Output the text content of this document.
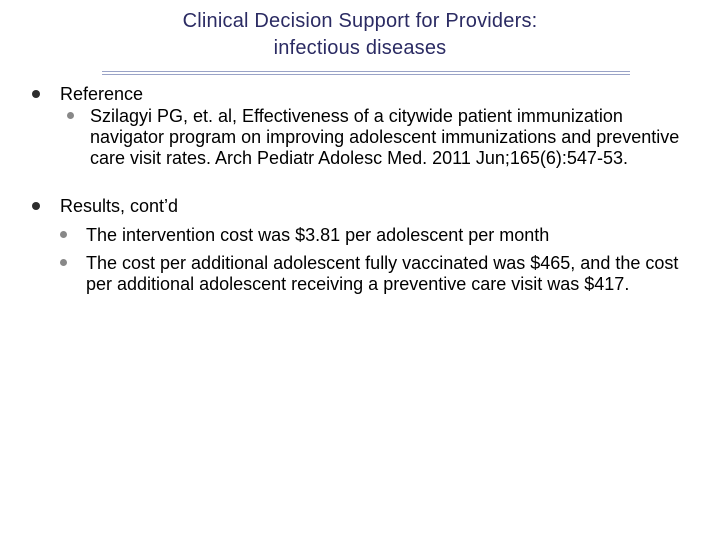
Clinical Decision Support for Providers:
infectious diseases
Reference
Szilagyi PG, et. al, Effectiveness of a citywide patient immunization navigator program on improving adolescent immunizations and preventive care visit rates. Arch Pediatr Adolesc Med. 2011 Jun;165(6):547-53.
Results, cont’d
The intervention cost was $3.81 per adolescent per month
The cost per additional adolescent fully vaccinated was $465, and the cost per additional adolescent receiving a preventive care visit was $417.
